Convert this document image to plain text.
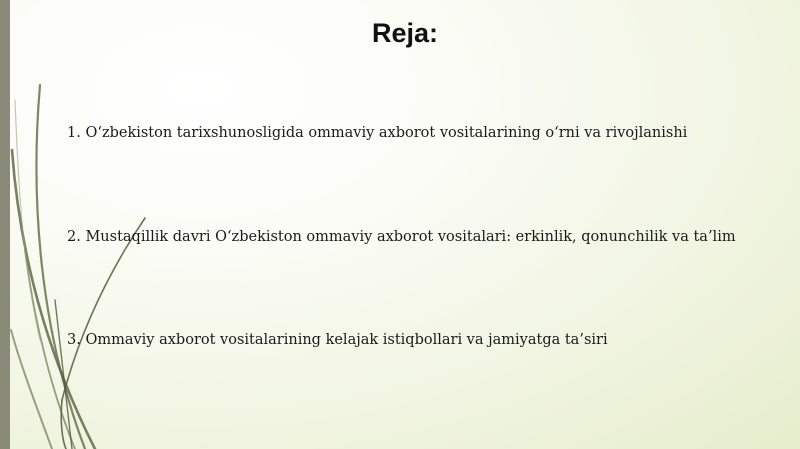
Reja:
1. O‘zbekiston tarixshunosligida ommaviy axborot vositalarining o‘rni va rivojlanishi
2. Mustaqillik davri O‘zbekiston ommaviy axborot vositalari: erkinlik, qonunchilik va ta’lim
3. Ommaviy axborot vositalarining kelajak istiqbollari va jamiyatga ta’siri
